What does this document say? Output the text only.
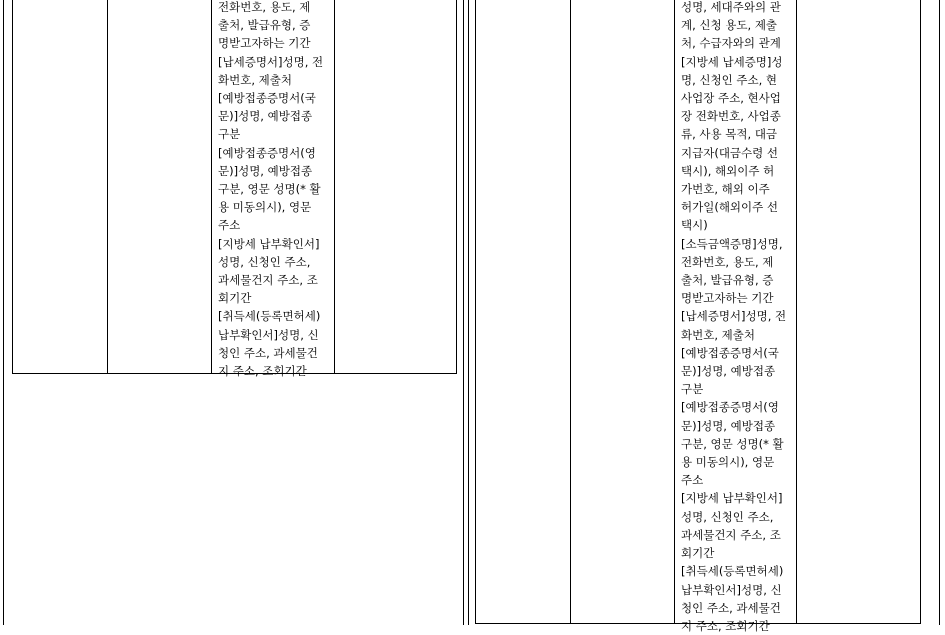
전화번호, 용도, 제
출처, 발급유형, 증
명받고자하는 기간
[납세증명서]성명, 전
화번호, 제출처
[예방접종증명서(국
문)]성명, 예방접종
구분
[예방접종증명서(영
문)]성명, 예방접종
구분, 영문 성명(* 활
용 미동의시), 영문
주소
[지방세 납부확인서]
성명, 신청인 주소,
과세물건지 주소, 조
회기간
[취득세(등록면허세)
납부확인서]성명, 신
청인 주소, 과세물건
지 주소, 조회기간
성명, 세대주와의 관
계, 신청 용도, 제출
처, 수급자와의 관계
[지방세 납세증명]성
명, 신청인 주소, 현
사업장 주소, 현사업
장 전화번호, 사업종
류, 사용 목적, 대금
지급자(대금수령 선
택시), 해외이주 허
가번호, 해외 이주
허가일(해외이주 선
택시)
[소득금액증명]성명,
전화번호, 용도, 제
출처, 발급유형, 증
명받고자하는 기간
[납세증명서]성명, 전
화번호, 제출처
[예방접종증명서(국
문)]성명, 예방접종
구분
[예방접종증명서(영
문)]성명, 예방접종
구분, 영문 성명(* 활
용 미동의시), 영문
주소
[지방세 납부확인서]
성명, 신청인 주소,
과세물건지 주소, 조
회기간
[취득세(등록면허세)
납부확인서]성명, 신
청인 주소, 과세물건
지 주소, 조회기간
